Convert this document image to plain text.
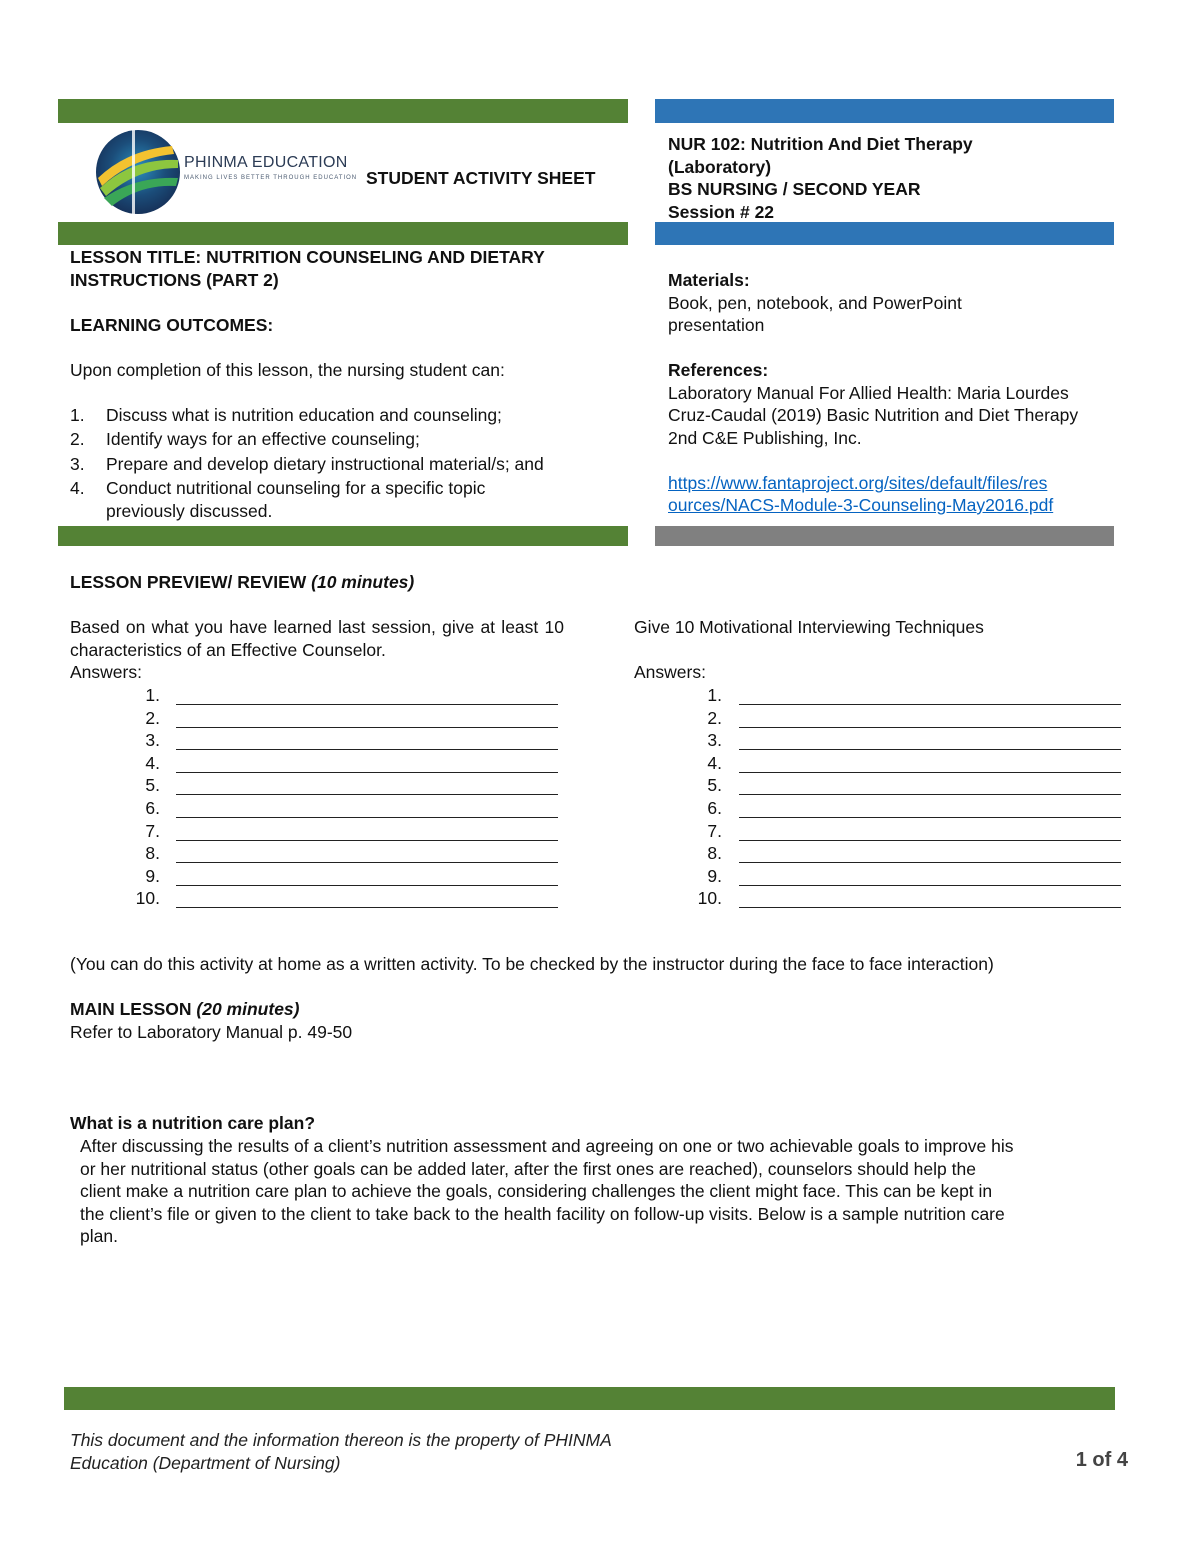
PHINMA EDUCATION
MAKING LIVES BETTER THROUGH EDUCATION STUDENT ACTIVITY SHEET
NUR 102: Nutrition And Diet Therapy
(Laboratory)
BS NURSING / SECOND YEAR
Session # 22
LESSON TITLE: NUTRITION COUNSELING AND DIETARY
INSTRUCTIONS (PART 2)
LEARNING OUTCOMES:
Upon completion of this lesson, the nursing student can:
1.	Discuss what is nutrition education and counseling;
2.	Identify ways for an effective counseling;
3.	Prepare and develop dietary instructional material/s; and
4.	Conduct nutritional counseling for a specific topic previously discussed.
Materials:
Book, pen, notebook, and PowerPoint presentation
References:
Laboratory Manual For Allied Health: Maria Lourdes Cruz-Caudal (2019) Basic Nutrition and Diet Therapy 2nd C&E Publishing, Inc.
https://www.fantaproject.org/sites/default/files/res
ources/NACS-Module-3-Counseling-May2016.pdf
LESSON PREVIEW/ REVIEW (10 minutes)
Based on what you have learned last session, give at least 10 characteristics of an Effective Counselor.
Answers:
Give 10 Motivational Interviewing Techniques
Answers:
1.
2.
3.
4.
5.
6.
7.
8.
9.
10.
1.
2.
3.
4.
5.
6.
7.
8.
9.
10.
(You can do this activity at home as a written activity. To be checked by the instructor during the face to face interaction)
MAIN LESSON (20 minutes)
Refer to Laboratory Manual p. 49-50
What is a nutrition care plan?
After discussing the results of a client’s nutrition assessment and agreeing on one or two achievable goals to improve his
or her nutritional status (other goals can be added later, after the first ones are reached), counselors should help the
client make a nutrition care plan to achieve the goals, considering challenges the client might face. This can be kept in
the client’s file or given to the client to take back to the health facility on follow-up visits. Below is a sample nutrition care
plan.
This document and the information thereon is the property of PHINMA
Education (Department of Nursing)	1 of 4
